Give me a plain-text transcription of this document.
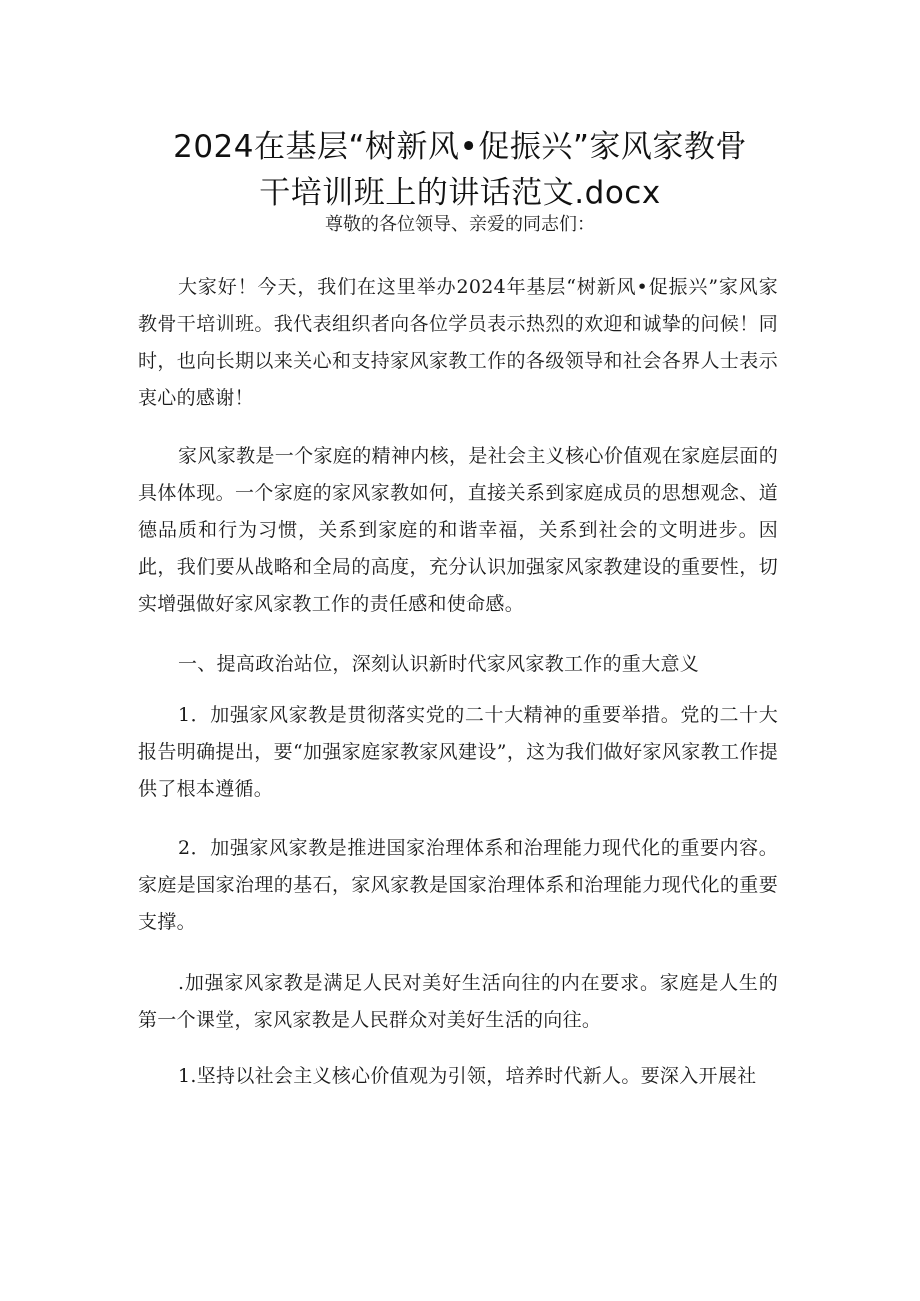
2024在基层“树新风•促振兴”家风家教骨
干培训班上的讲话范文.docx
尊敬的各位领导、亲爱的同志们：

大家好！今天，我们在这里举办2024年基层“树新风•促振兴”家风家教骨干培训班。我代表组织者向各位学员表示热烈的欢迎和诚挚的问候！同时，也向长期以来关心和支持家风家教工作的各级领导和社会各界人士表示衷心的感谢！

家风家教是一个家庭的精神内核，是社会主义核心价值观在家庭层面的具体体现。一个家庭的家风家教如何，直接关系到家庭成员的思想观念、道德品质和行为习惯，关系到家庭的和谐幸福，关系到社会的文明进步。因此，我们要从战略和全局的高度，充分认识加强家风家教建设的重要性，切实增强做好家风家教工作的责任感和使命感。

一、提高政治站位，深刻认识新时代家风家教工作的重大意义

1．加强家风家教是贯彻落实党的二十大精神的重要举措。党的二十大报告明确提出，要“加强家庭家教家风建设”，这为我们做好家风家教工作提供了根本遵循。

2．加强家风家教是推进国家治理体系和治理能力现代化的重要内容。家庭是国家治理的基石，家风家教是国家治理体系和治理能力现代化的重要支撑。

.加强家风家教是满足人民对美好生活向往的内在要求。家庭是人生的第一个课堂，家风家教是人民群众对美好生活的向往。

1.坚持以社会主义核心价值观为引领，培养时代新人。要深入开展社
